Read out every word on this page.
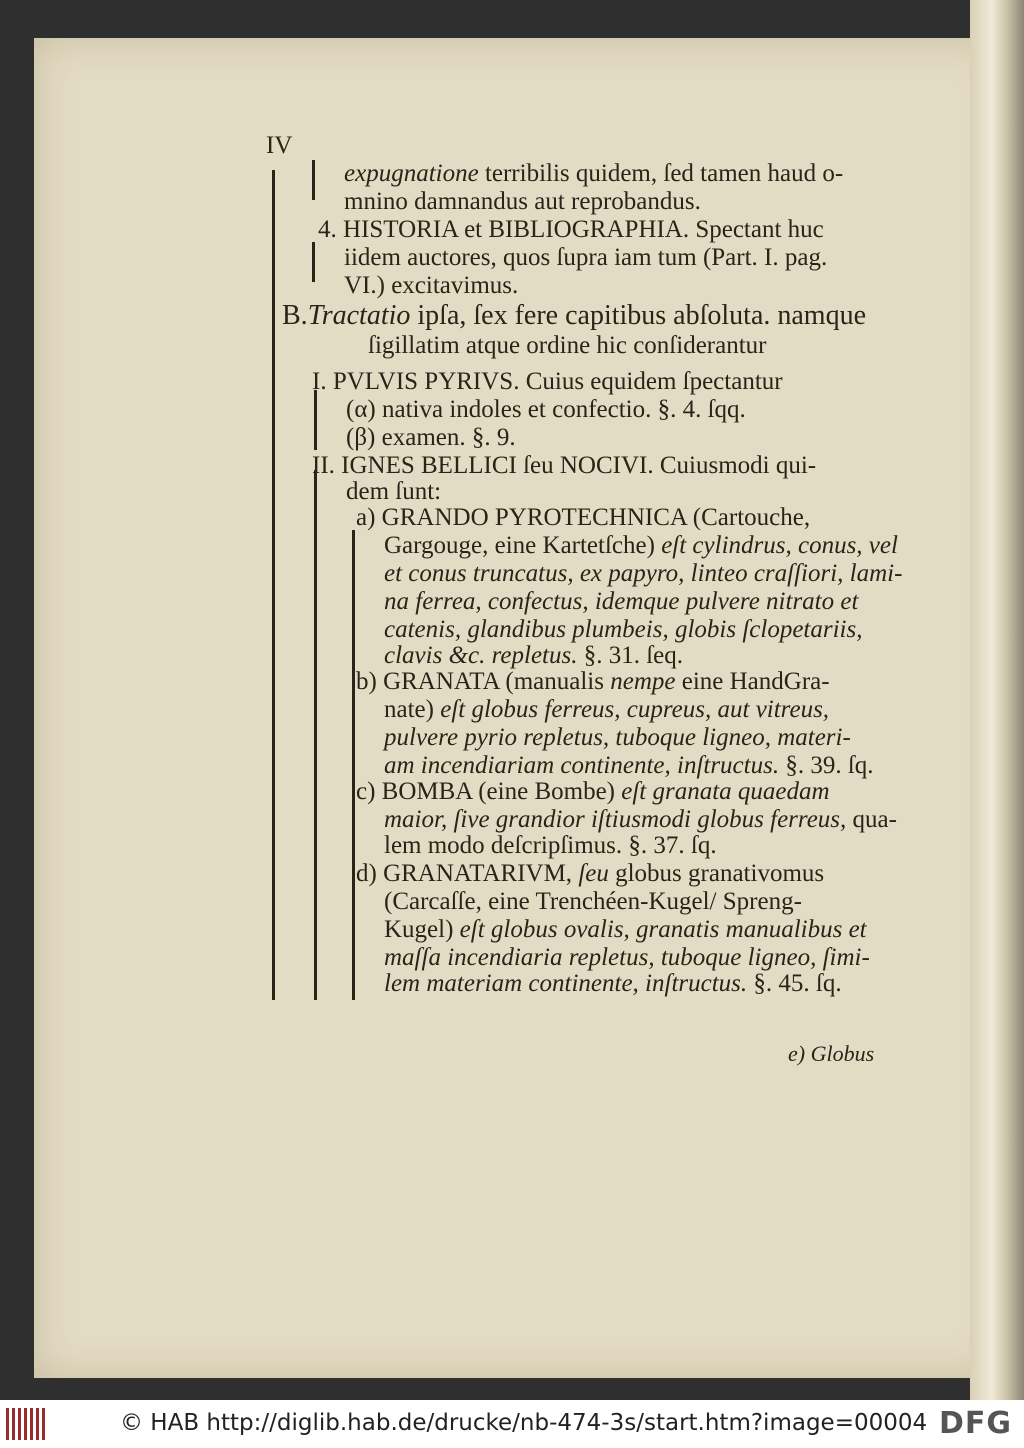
IV
expugnatione terribilis quidem, ſed tamen haud o-
mnino damnandus aut reprobandus.
4. HISTORIA et BIBLIOGRAPHIA. Spectant huc
iidem auctores, quos ſupra iam tum (Part. I. pag.
VI.) excitavimus.
B.Tractatio ipſa, ſex fere capitibus abſoluta. namque
ſigillatim atque ordine hic conſiderantur
I. PVLVIS PYRIVS. Cuius equidem ſpectantur
(α) nativa indoles et confectio. §. 4. ſqq.
(β) examen. §. 9.
II. IGNES BELLICI ſeu NOCIVI. Cuiusmodi qui-
dem ſunt:
a) GRANDO PYROTECHNICA (Cartouche,
Gargouge, eine Kartetſche) eſt cylindrus, conus, vel
et conus truncatus, ex papyro, linteo craſſiori, lami-
na ferrea, confectus, idemque pulvere nitrato et
catenis, glandibus plumbeis, globis ſclopetariis,
clavis &c. repletus. §. 31. ſeq.
b) GRANATA (manualis nempe eine HandGra-
nate) eſt globus ferreus, cupreus, aut vitreus,
pulvere pyrio repletus, tuboque ligneo, materi-
am incendiariam continente, inſtructus. §. 39. ſq.
c) BOMBA (eine Bombe) eſt granata quaedam
maior, ſive grandior iſtiusmodi globus ferreus, qua-
lem modo deſcripſimus. §. 37. ſq.
d) GRANATARIVM, ſeu globus granativomus
(Carcaſſe, eine Trenchéen-Kugel/ Spreng-
Kugel) eſt globus ovalis, granatis manualibus et
maſſa incendiaria repletus, tuboque ligneo, ſimi-
lem materiam continente, inſtructus. §. 45. ſq.
e) Globus
© HAB http://diglib.hab.de/drucke/nb-474-3s/start.htm?image=00004 DFG
